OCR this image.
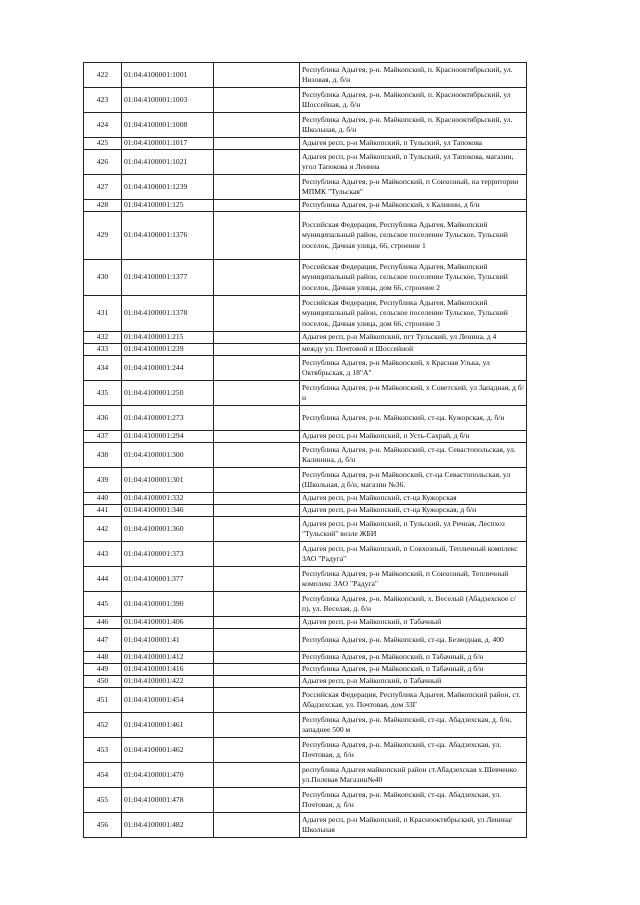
422	01:04:4100001:1001		Республика Адыгея, р-н. Майкопский, п. Краснооктябрьский, ул. Низовая, д. б/н
423	01:04:4100001:1003		Республика Адыгея, р-н. Майкопский, п. Краснооктябрьский, ул Шоссейная, д. б/н
424	01:04:4100001:1008		Республика Адыгея, р-н. Майкопский, п. Краснооктябрьский, ул. Школьная, д. б/н
425	01:04:4100001:1017		Адыгея респ, р-н Майкопский, п Тульский, ул Тапокова
426	01:04:4100001:1021		Адыгея респ, р-н Майкопский, п Тульский, ул Тапокова, магазин, угол Тапокова и Ленина
427	01:04:4100001:1239		Республика Адыгея, р-н Майкопский, п Совхозный, на территории МПМК "Тульская"
428	01:04:4100001:125		Республика Адыгея, р-н Майкопский, х Калинин, д б/н
429	01:04:4100001:1376		Российская Федерация, Республика Адыгея, Майкопский муниципальный район, сельское поселение Тульское, Тульский поселок, Дачная улица, 66, строение 1
430	01:04:4100001:1377		Российская Федерация, Республика Адыгея, Майкопский муниципальный район, сельское поселение Тульское, Тульский поселок, Дачная улица, дом 66, строение 2
431	01:04:4100001:1378		Российская Федерация, Республика Адыгея, Майкопский муниципальный район, сельское поселение Тульское, Тульский поселок, Дачная улица, дом 66, строение 3
432	01:04:4100001:215		Адыгея респ, р-н Майкопский, пгт Тульский, ул Ленина, д 4
433	01:04:4100001:239		между ул. Почтовой и Шоссейной
434	01:04:4100001:244		Республика Адыгея, р-н Майкопский, х Красная Улька, ул Октябрьская, д 18"А"
435	01:04:4100001:250		Республика Адыгея, р-н Майкопский, х Советский, ул Западная, д б/н
436	01:04:4100001:273		Республика Адыгея, р-н. Майкопский, ст-ца. Кужорская, д. б/н
437	01:04:4100001:294		Адыгея респ, р-н Майкопский, п Усть-Сахрай, д б/н
438	01:04:4100001:300		Республика Адыгея, р-н. Майкопский, ст-ца. Севастопольская, ул. Калинина, д. б/н
439	01:04:4100001:301		Республика Адыгея, р-н Майкопский, ст-ца Севастопольская, ул (Школьная, д б/н, магазин №36.
440	01:04:4100001:332		Адыгея респ, р-н Майкопский, ст-ца Кужорская
441	01:04:4100001:346		Адыгея респ, р-н Майкопский, ст-ца Кужорская, д б/н
442	01:04:4100001:360		Адыгея респ, р-н Майкопский, п Тульский, ул Речная, Леспхоз "Тульский" возле ЖБИ
443	01:04:4100001:373		Адыгея респ, р-н Майкопский, п Совхозный, Тепличный комплекс ЗАО "Радуга"
444	01:04:4100001:377		Республика Адыгея, р-н Майкопский, п Совхозный, Тепличный комплекс ЗАО "Радуга"
445	01:04:4100001:390		Республика Адыгея, р-н. Майкопский, х. Веселый (Абадзехское с/п), ул. Веселая, д. б/н
446	01:04:4100001:406		Адыгея респ, р-н Майкопский, п Табачный
447	01:04:4100001:41		Республика Адыгея, р-н. Майкопский, ст-ца. Безводная, д. 400
448	01:04:4100001:412		Республика Адыгея, р-н Майкопский, п Табачный, д б/н
449	01:04:4100001:416		Республика Адыгея, р-н Майкопский, п Табачный, д б/н
450	01:04:4100001:422		Адыгея респ, р-н Майкопский, п Табачный
451	01:04:4100001:454		Российская Федерация, Республика Адыгея, Майкопский район, ст. Абадзехская, ул. Почтовая, дом 33Г
452	01:04:4100001:461		Республика Адыгея, р-н. Майкопский, ст-ца. Абадзехская, д. б/н, западнее 500 м
453	01:04:4100001:462		Республика Адыгея, р-н. Майкопский, ст-ца. Абадзехская, ул. Почтовая, д. б/н
454	01:04:4100001:470		республика Адыгея майкопский район ст.Абадзехская х.Шевченко ул.Полевая Магазин№40
455	01:04:4100001:478		Республика Адыгея, р-н. Майкопский, ст-ца. Абадзехская, ул. Почтовая, д. б/н
456	01:04:4100001:482		Адыгея респ, р-н Майкопский, п Краснооктябрьский, ул Ленина/Школьная
